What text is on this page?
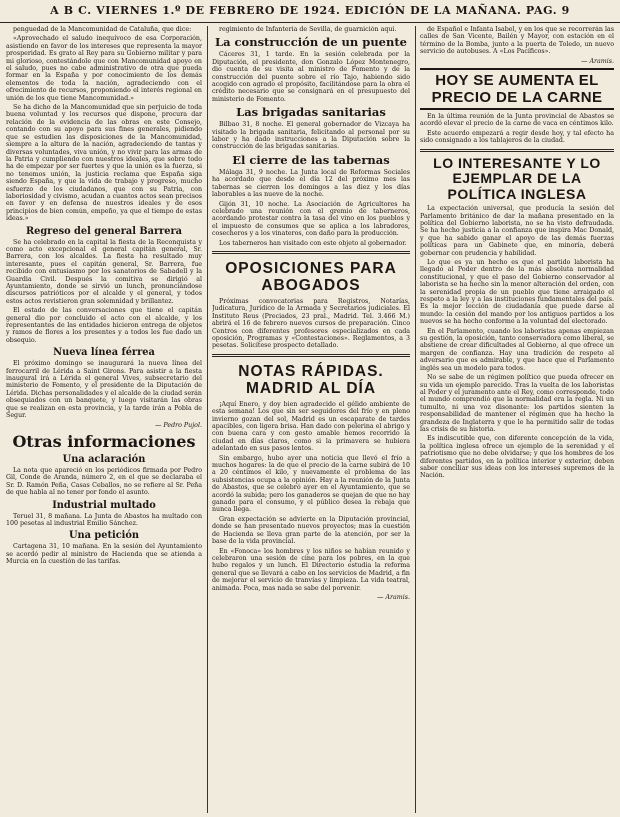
A B C. VIERNES 1.º DE FEBRERO DE 1924. EDICIÓN DE LA MAÑANA. PAG. 9

penguedad de la Mancomunidad de Cataluña, que dice:

«Aprovechado el saludo inequívoco de esa Corporación, asistiendo en favor de los intereses que representa la mayor prosperidad. Es grato al Rey para su Gobierno militar y para mi glorioso, contestándole que con Mancomunidad apoyo en el saludo, pues no cabe administrativo de otra que pueda formar en la España y por conocimiento de los demás elementos de toda la nación, agradeciendo con el ofrecimiento de recursos, proponiendo el interés regional en unión de los que tiene Mancomunidad.»

Se ha dicho de la Mancomunidad que sin perjuicio de toda buena voluntad y los recursos que dispone, procura dar relación de la evidencia de las obras en este Consejo, contando con su apoyo para sus fines generales, pidiendo que se estudien las disposiciones de la Mancomunidad, siempre a la altura de la nación, agradeciendo de tantas y diversas voluntades, viva unión, y no vivir para las armas de la Patria y cumpliendo con nuestros ideales, que sobre todo ha de empezar por ser fuertes y que la unión es la fuerza, si no tenemos unión, la justicia reclama que España siga siendo España, y que la vida de trabajo y progreso, mucho esfuerzo de los ciudadanos, que con su Patria, con laboriosidad y civismo, acudan a cuantos actos sean precisos en favor y en defensa de nuestros ideales y de esos principios de bien común, empeño, ya que el tiempo de estas ideas.»

Regreso del general Barrera

Se ha celebrado en la capital la fiesta de la Reconquista y como acto excepcional el general capitán general, Sr. Barrera, con los alcaldes. La fiesta ha resultado muy interesante, pues el capitán general, Sr. Barrera, fue recibido con entusiasmo por los sanatorios de Sabadell y la Guardia Civil. Después la comitiva se dirigió al Ayuntamiento, donde se sirvió un lunch, pronunciándose discursos patrióticos por el alcalde y el general, y todos estos actos revistieron gran solemnidad y brillantez.

El estado de las conversaciones que tiene el capitán general dio por concluido el acto con el alcalde, y los representantes de las entidades hicieron entrega de objetos y ramos de flores a los presentes y a todos les fue dado un obsequio.

Nueva línea férrea

El próximo domingo se inaugurará la nueva línea del ferrocarril de Lérida a Saint Girons. Para asistir a la fiesta inaugural irá a Lérida el general Vives, subsecretario del ministerio de Fomento, y el presidente de la Diputación de Lérida. Dichas personalidades y el alcalde de la ciudad serán obsequiados con un banquete, y luego visitarán las obras que se realizan en esta provincia, y la tarde irán a Pobla de Segur.

— Pedro Pujol.
Otras informaciones
Una aclaración

La nota que apareció en los periódicos firmada por Pedro Gil, Conde de Aranda, número 2, en el que se declaraba el Sr. D. Ramón Peña, Casas Ceballos, no se refiere al Sr. Peña de que habla al no tener por fondo el asunto.

Industrial multado

Teruel 31, 8 mañana. La Junta de Abastos ha multado con 100 pesetas al industrial Emilio Sánchez.

Una petición

Cartagena 31, 10 mañana. En la sesión del Ayuntamiento se acordó pedir al ministro de Hacienda que se atienda a Murcia en la cuestión de las tarifas.

regimiento de Infantería de Sevilla, de guarnición aquí.

La construcción de un puente

Cáceres 31, 1 tarde. En la sesión celebrada por la Diputación, el presidente, don Gonzalo López Montenegro, dio cuenta de su visita al ministro de Fomento y de la construcción del puente sobre el río Tajo, habiendo sido acogido con agrado el propósito, facilitándose para la obra el crédito necesario que se consignará en el presupuesto del ministerio de Fomento.

Las brigadas sanitarias

Bilbao 31, 8 noche. El general gobernador de Vizcaya ha visitado la brigada sanitaria, felicitando al personal por su labor y ha dado instrucciones a la Diputación sobre la construcción de las brigadas sanitarias.

El cierre de las tabernas

Málaga 31, 9 noche. La Junta local de Reformas Sociales ha acordado que desde el día 12 del próximo mes las tabernas se cierren los domingos a las diez y los días laborables a las nueve de la noche.

Gijón 31, 10 noche. La Asociación de Agricultores ha celebrado una reunión con el gremio de taberneros, acordando protestar contra la tasa del vino en los pueblos y el impuesto de consumos que se aplica a los labradores, cosecheros y a los vinateros, con daño para la producción.

Los taberneros han visitado con este objeto al gobernador.

OPOSICIONES PARA ABOGADOS

Próximas convocatorias para Registros, Notarías, Judicatura, Jurídico de la Armada y Secretarios judiciales. El Instituto Reus (Preciados, 23 pral., Madrid. Tel. 3.466 M.) abrirá el 16 de febrero nuevos cursos de preparación. Cinco Centros con diferentes profesores especializados en cada oposición, Programas y «Contestaciones». Reglamentos, a 3 pesetas. Solicítese prospecto detallado.

NOTAS RÁPIDAS. MADRID AL DÍA

¡Aquí Enero, y doy bien agradecido el gélido ambiente de esta semana! Los que sin ser seguidores del frío y en pleno invierno gozan del sol, Madrid es un escaparate de tardes apacibles, con ligera brisa. Han dado con pelerina el abrigo y con buena cara y con gesto amable hemos recorrido la ciudad en días claros, como si la primavera se hubiera adelantado en sus pasos lentos.

Sin embargo, hubo ayer una noticia que llevó el frío a muchos hogares: la de que el precio de la carne subirá de 10 a 20 céntimos el kilo, y nuevamente el problema de las subsistencias ocupa a la opinión. Hay a la reunión de la Junta de Abastos, que se celebró ayer en el Ayuntamiento, que se acordó la subida; pero los ganaderos se quejan de que no hay ganado para el consumo, y el público desea la rebaja que nunca llega.

Gran expectación se advierte en la Diputación provincial, donde se han presentado nuevos proyectos; mas la cuestión de Hacienda se lleva gran parte de la atención, por ser la base de la vida provincial.

En «Fonoca» los hombres y los niños se habían reunido y celebraron una sesión de cine para los pobres, en la que hubo regalos y un lunch. El Directorio estudia la reforma general que se llevará a cabo en los servicios de Madrid, a fin de mejorar el servicio de tranvías y limpieza. La vida teatral, animada. Poca, mas nada se sabe del porvenir.

— Aramis.

de Español e Infanta Isabel, y en los que se recorrerán las calles de San Vicente, Bailén y Mayor, con estación en el término de la Bomba, junto a la puerta de Toledo, un nuevo servicio de autobuses. A «Los Pacíficos».

— Aramis.
HOY SE AUMENTA EL PRECIO DE LA CARNE

En la última reunión de la Junta provincial de Abastos se acordó elevar el precio de la carne de vaca en céntimos kilo.

Este acuerdo empezará a regir desde hoy, y tal efecto ha sido consignado a los tablajeros de la ciudad.

LO INTERESANTE Y LO EJEMPLAR DE LA POLÍTICA INGLESA

La expectación universal, que producía la sesión del Parlamento británico de dar la mañana presentado en la política del Gobierno laborista, no se ha visto defraudada. Se ha hecho justicia a la confianza que inspira Mac Donald, y que ha sabido ganar el apoyo de las demás fuerzas políticas para un Gabinete que, en minoría, deberá gobernar con prudencia y habilidad.

Lo que es ya un hecho es que el partido laborista ha llegado al Poder dentro de la más absoluta normalidad constitucional, y que el paso del Gobierno conservador al laborista se ha hecho sin la menor alteración del orden, con la serenidad propia de un pueblo que tiene arraigado el respeto a la ley y a las instituciones fundamentales del país. Es la mejor lección de ciudadanía que puede darse al mundo: la cesión del mando por los antiguos partidos a los nuevos se ha hecho conforme a la voluntad del electorado.

En el Parlamento, cuando los laboristas apenas empiezan su gestión, la oposición, tanto conservadora como liberal, se abstiene de crear dificultades al Gobierno, al que ofrece un margen de confianza. Hay una tradición de respeto al adversario que es admirable, y que hace que el Parlamento inglés sea un modelo para todos.

No se sabe de un régimen político que pueda ofrecer en su vida un ejemplo parecido. Tras la vuelta de los laboristas al Poder y el juramento ante el Rey, como corresponde, todo el mundo comprendió que la normalidad era la regla. Ni un tumulto, ni una voz disonante: los partidos sienten la responsabilidad de mantener el régimen que ha hecho la grandeza de Inglaterra y que le ha permitido salir de todas las crisis de su historia.

Es indiscutible que, con diferente concepción de la vida, la política inglesa ofrece un ejemplo de la serenidad y el patriotismo que no debe olvidarse; y que los hombres de los diferentes partidos, en la política interior y exterior, deben saber conciliar sus ideas con los intereses supremos de la Nación.
